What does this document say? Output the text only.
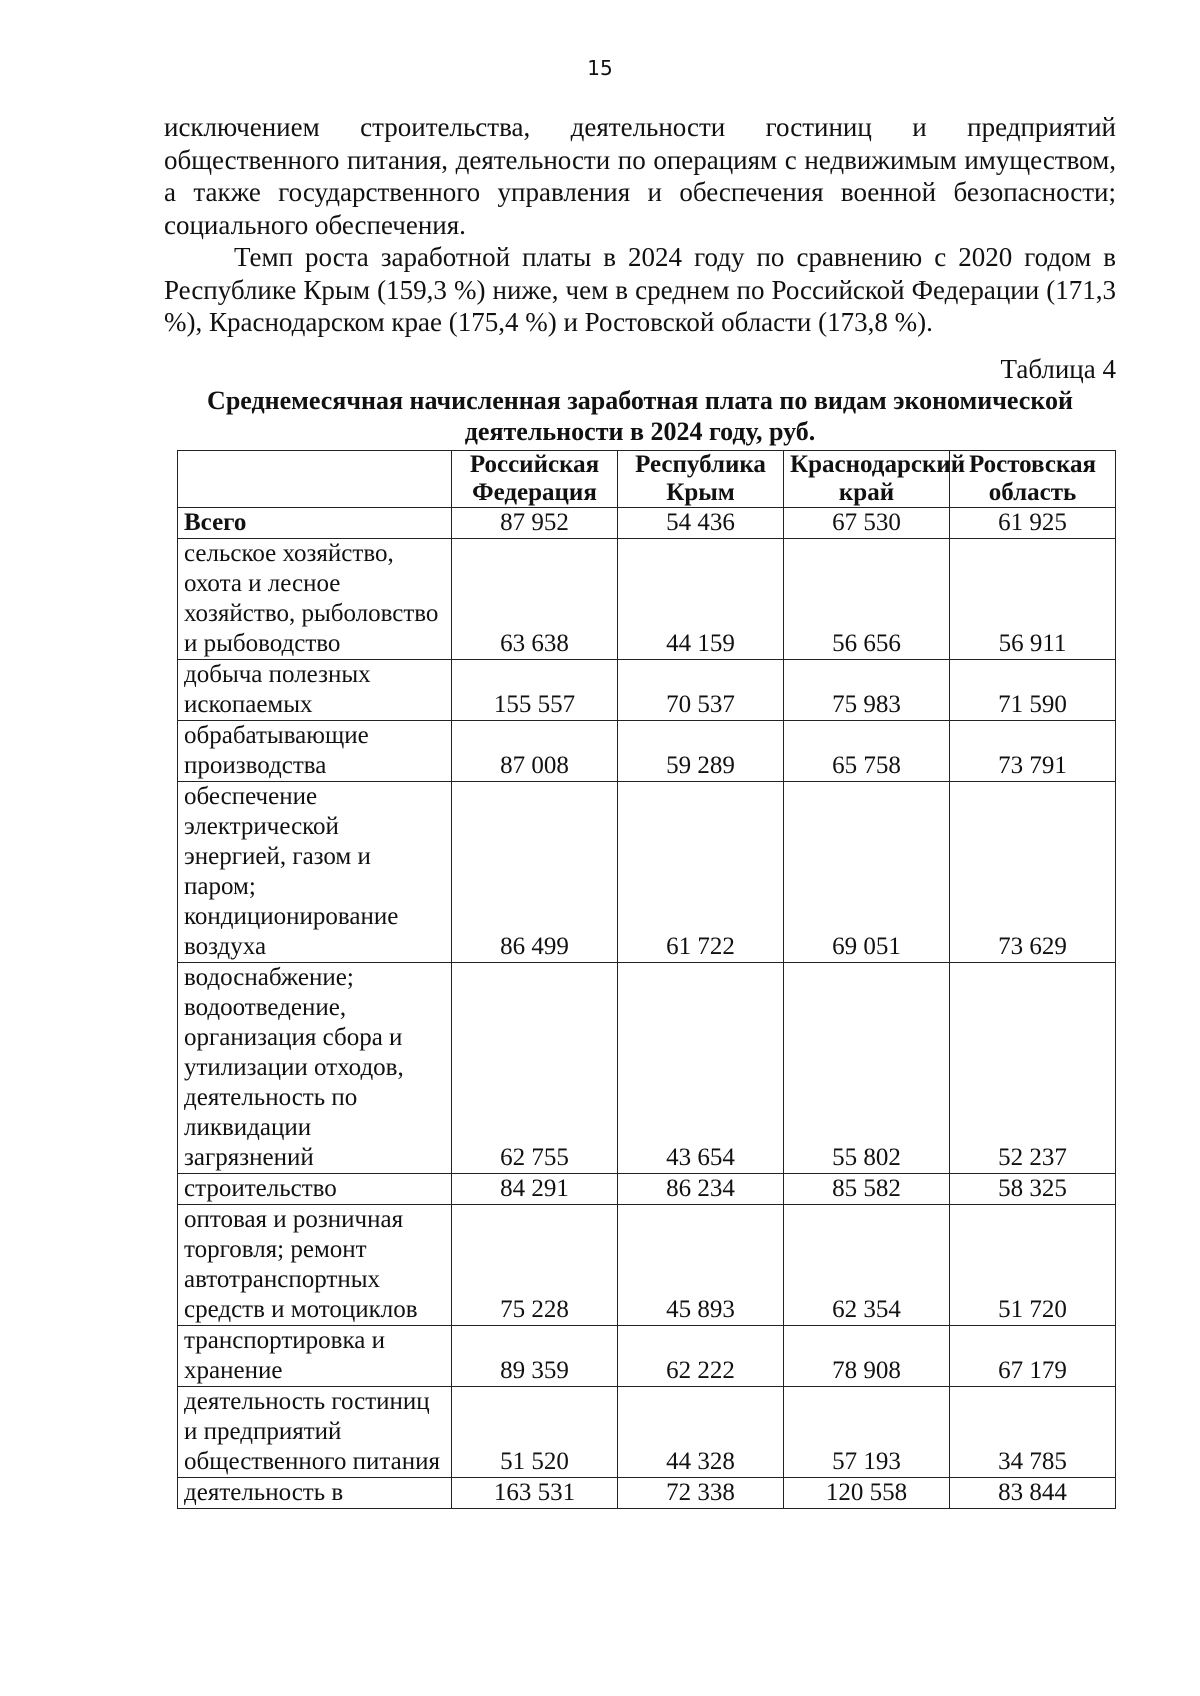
15

исключением строительства, деятельности гостиниц и предприятий общественного питания, деятельности по операциям с недвижимым имуществом, а также государственного управления и обеспечения военной безопасности; социального обеспечения.

Темп роста заработной платы в 2024 году по сравнению с 2020 годом в Республике Крым (159,3 %) ниже, чем в среднем по Российской Федерации (171,3 %), Краснодарском крае (175,4 %) и Ростовской области (173,8 %).

Таблица 4
Среднемесячная начисленная заработная плата по видам экономической деятельности в 2024 году, руб.
	Российская Федерация	Республика Крым	Краснодарский край	Ростовская область
Всего	87 952	54 436	67 530	61 925
сельское хозяйство, охота и лесное хозяйство, рыболовство и рыбоводство	63 638	44 159	56 656	56 911
добыча полезных ископаемых	155 557	70 537	75 983	71 590
обрабатывающие производства	87 008	59 289	65 758	73 791
обеспечение электрической энергией, газом и паром; кондиционирование воздуха	86 499	61 722	69 051	73 629
водоснабжение; водоотведение, организация сбора и утилизации отходов, деятельность по ликвидации загрязнений	62 755	43 654	55 802	52 237
строительство	84 291	86 234	85 582	58 325
оптовая и розничная торговля; ремонт автотранспортных средств и мотоциклов	75 228	45 893	62 354	51 720
транспортировка и хранение	89 359	62 222	78 908	67 179
деятельность гостиниц и предприятий общественного питания	51 520	44 328	57 193	34 785
деятельность в	163 531	72 338	120 558	83 844
